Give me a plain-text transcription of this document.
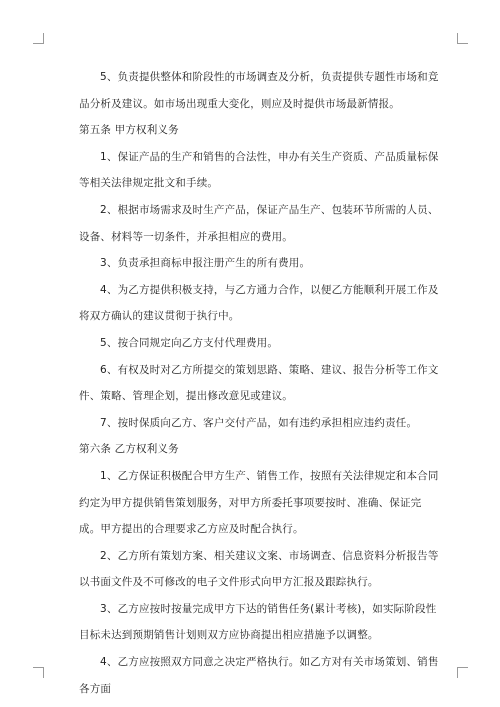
5、负责提供整体和阶段性的市场调查及分析，负责提供专题性市场和竞品分析及建议。如市场出现重大变化，则应及时提供市场最新情报。

第五条 甲方权利义务

1、保证产品的生产和销售的合法性，申办有关生产资质、产品质量标保等相关法律规定批文和手续。

2、根据市场需求及时生产产品，保证产品生产、包装环节所需的人员、设备、材料等一切条件，并承担相应的费用。

3、负责承担商标申报注册产生的所有费用。

4、为乙方提供积极支持，与乙方通力合作，以便乙方能顺利开展工作及将双方确认的建议贯彻于执行中。

5、按合同规定向乙方支付代理费用。

6、有权及时对乙方所提交的策划思路、策略、建议、报告分析等工作文件、策略、管理企划，提出修改意见或建议。

7、按时保质向乙方、客户交付产品，如有违约承担相应违约责任。

第六条 乙方权利义务

1、乙方保证积极配合甲方生产、销售工作，按照有关法律规定和本合同约定为甲方提供销售策划服务，对甲方所委托事项要按时、准确、保证完成。甲方提出的合理要求乙方应及时配合执行。

2、乙方所有策划方案、相关建议文案、市场调查、信息资料分析报告等以书面文件及不可修改的电子文件形式向甲方汇报及跟踪执行。

3、乙方应按时按量完成甲方下达的销售任务(累计考核)，如实际阶段性目标未达到预期销售计划则双方应协商提出相应措施予以调整。

4、乙方应按照双方同意之决定严格执行。如乙方对有关市场策划、销售各方面
